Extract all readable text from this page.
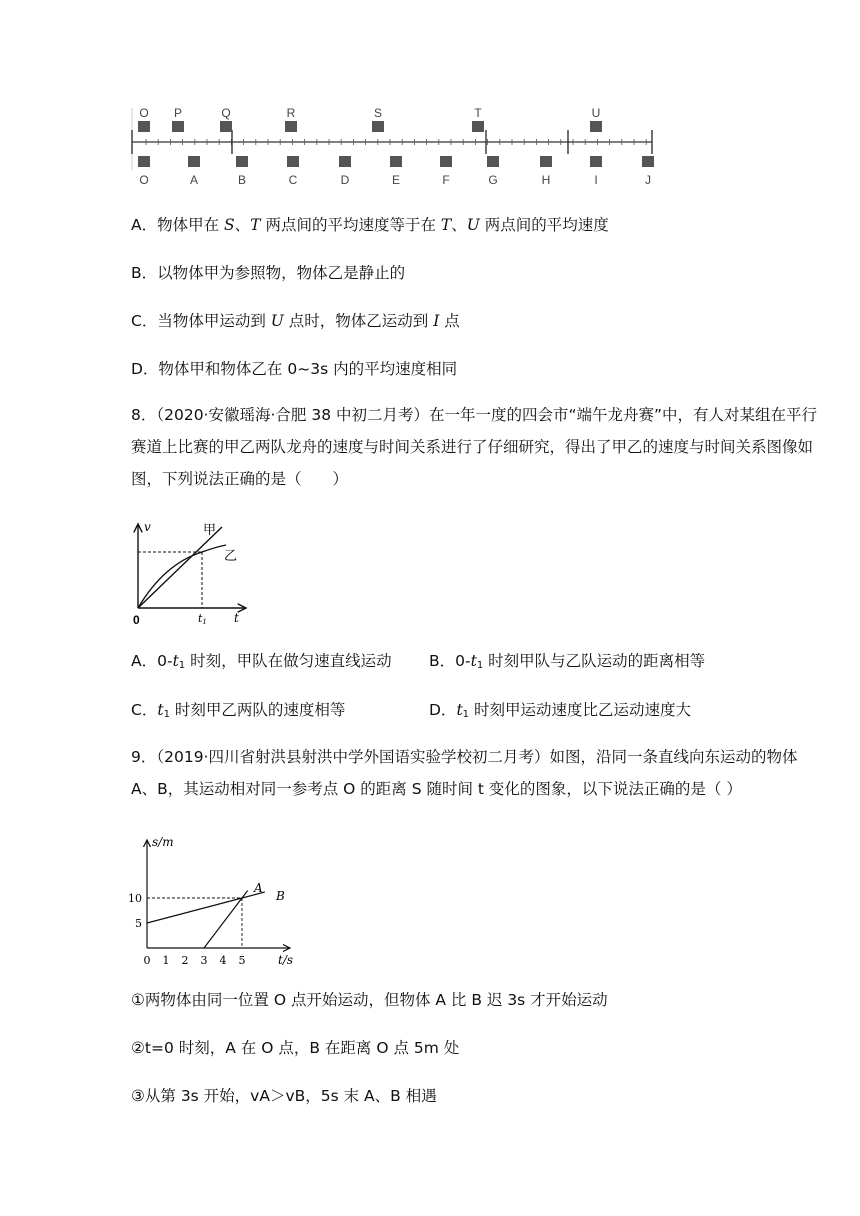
O P	Q	R	S	T	U
O	A	B	C	D	E	F	G	H	I	J
A．物体甲在 S、T 两点间的平均速度等于在 T、U 两点间的平均速度
B．以物体甲为参照物，物体乙是静止的
C．当物体甲运动到 U 点时，物体乙运动到 I 点
D．物体甲和物体乙在 0~3s 内的平均速度相同
8．（2020·安徽瑶海·合肥 38 中初二月考）在一年一度的四会市“端午龙舟赛”中，有人对某组在平行赛道上比赛的甲乙两队龙舟的速度与时间关系进行了仔细研究，得出了甲乙的速度与时间关系图像如图，下列说法正确的是（　　）
v	甲
乙
0	t1 t
A．$0-t_1$ 时刻，甲队在做匀速直线运动 B．$0-t_1$ 时刻甲队与乙队运动的距离相等
C．$t_1$ 时刻甲乙两队的速度相等	D．$t_1$ 时刻甲运动速度比乙运动速度大
9．（2019·四川省射洪县射洪中学外国语实验学校初二月考）如图，沿同一条直线向东运动的物体 A、B，其运动相对同一参考点 O 的距离 S 随时间 t 变化的图象，以下说法正确的是（ ）
0 1 2 3 4 5
10
5
s/m
t/s
A
B
①两物体由同一位置 O 点开始运动，但物体 A 比 B 迟 3s 才开始运动
②t=0 时刻，A 在 O 点，B 在距离 O 点 5m 处
③从第 3s 开始，vA＞vB，5s 末 A、B 相遇
